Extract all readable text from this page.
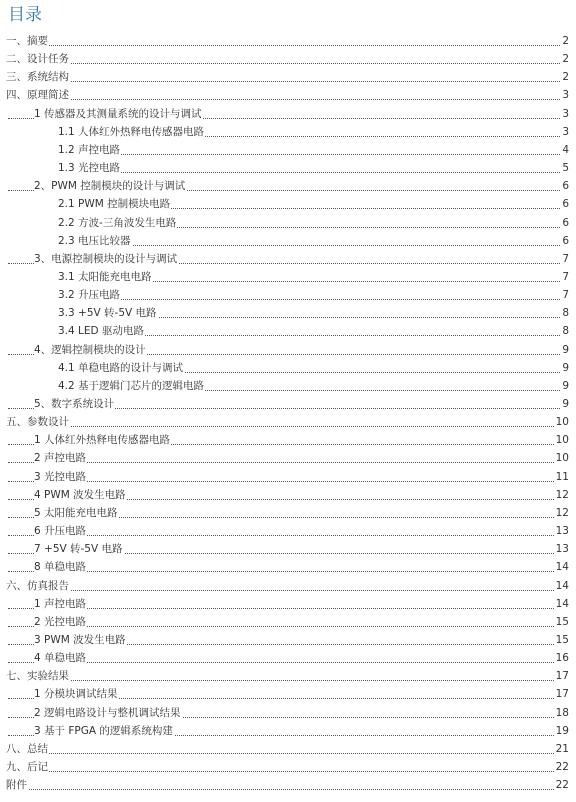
目录
一、摘要	2
二、设计任务	2
三、系统结构	2
四、原理简述	3
1 传感器及其测量系统的设计与调试	3
1.1 人体红外热释电传感器电路	3
1.2 声控电路	4
1.3 光控电路	5
2、PWM 控制模块的设计与调试	6
2.1 PWM 控制模块电路	6
2.2 方波-三角波发生电路	6
2.3 电压比较器	6
3、电源控制模块的设计与调试	7
3.1 太阳能充电电路	7
3.2 升压电路	7
3.3 +5V 转-5V 电路	8
3.4 LED 驱动电路	8
4、逻辑控制模块的设计	9
4.1 单稳电路的设计与调试	9
4.2 基于逻辑门芯片的逻辑电路	9
5、数字系统设计	9
五、参数设计	10
1 人体红外热释电传感器电路	10
2 声控电路	10
3 光控电路	11
4 PWM 波发生电路	12
5 太阳能充电电路	12
6 升压电路	13
7 +5V 转-5V 电路	13
8 单稳电路	14
六、仿真报告	14
1 声控电路	14
2 光控电路	15
3 PWM 波发生电路	15
4 单稳电路	16
七、实验结果	17
1 分模块调试结果	17
2 逻辑电路设计与整机调试结果	18
3 基于 FPGA 的逻辑系统构建	19
八、总结	21
九、后记	22
附件	22
